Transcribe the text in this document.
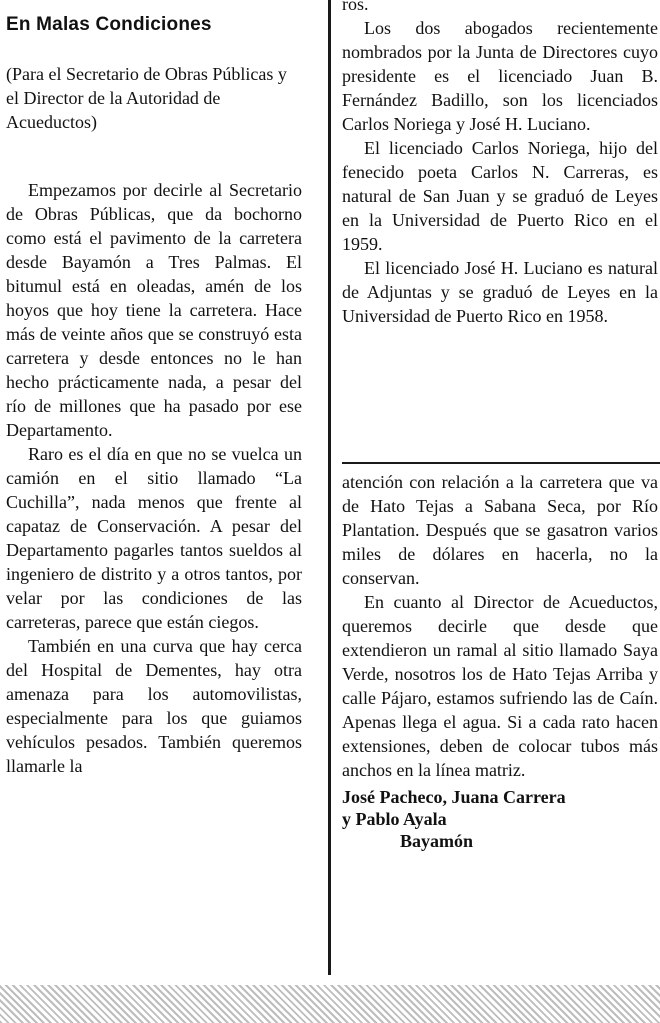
En Malas Condiciones
(Para el Secretario de Obras Públicas y el Director de la Autoridad de Acueductos)

Empezamos por decirle al Secretario de Obras Públicas, que da bochorno como está el pavimento de la carretera desde Bayamón a Tres Palmas. El bitumul está en oleadas, amén de los hoyos que hoy tiene la carretera. Hace más de veinte años que se construyó esta carretera y desde entonces no le han hecho prácticamente nada, a pesar del río de millones que ha pasado por ese Departamento.

Raro es el día en que no se vuelca un camión en el sitio llamado “La Cuchilla”, nada menos que frente al capataz de Conservación. A pesar del Departamento pagarles tantos sueldos al ingeniero de distrito y a otros tantos, por velar por las condiciones de las carreteras, parece que están ciegos.

También en una curva que hay cerca del Hospital de Dementes, hay otra amenaza para los automovilistas, especialmente para los que guiamos vehículos pesados. También queremos llamarle la

ros.

Los dos abogados recientemente nombrados por la Junta de Directores cuyo presidente es el licenciado Juan B. Fernández Badillo, son los licenciados Carlos Noriega y José H. Luciano.

El licenciado Carlos Noriega, hijo del fenecido poeta Carlos N. Carreras, es natural de San Juan y se graduó de Leyes en la Universidad de Puerto Rico en el 1959.

El licenciado José H. Luciano es natural de Adjuntas y se graduó de Leyes en la Universidad de Puerto Rico en 1958.

atención con relación a la carretera que va de Hato Tejas a Sabana Seca, por Río Plantation. Después que se gasatron varios miles de dólares en hacerla, no la conservan.

En cuanto al Director de Acueductos, queremos decirle que desde que extendieron un ramal al sitio llamado Saya Verde, nosotros los de Hato Tejas Arriba y calle Pájaro, estamos sufriendo las de Caín. Apenas llega el agua. Si a cada rato hacen extensiones, deben de colocar tubos más anchos en la línea matriz.

José Pacheco, Juana Carrera
y Pablo Ayala
Bayamón
